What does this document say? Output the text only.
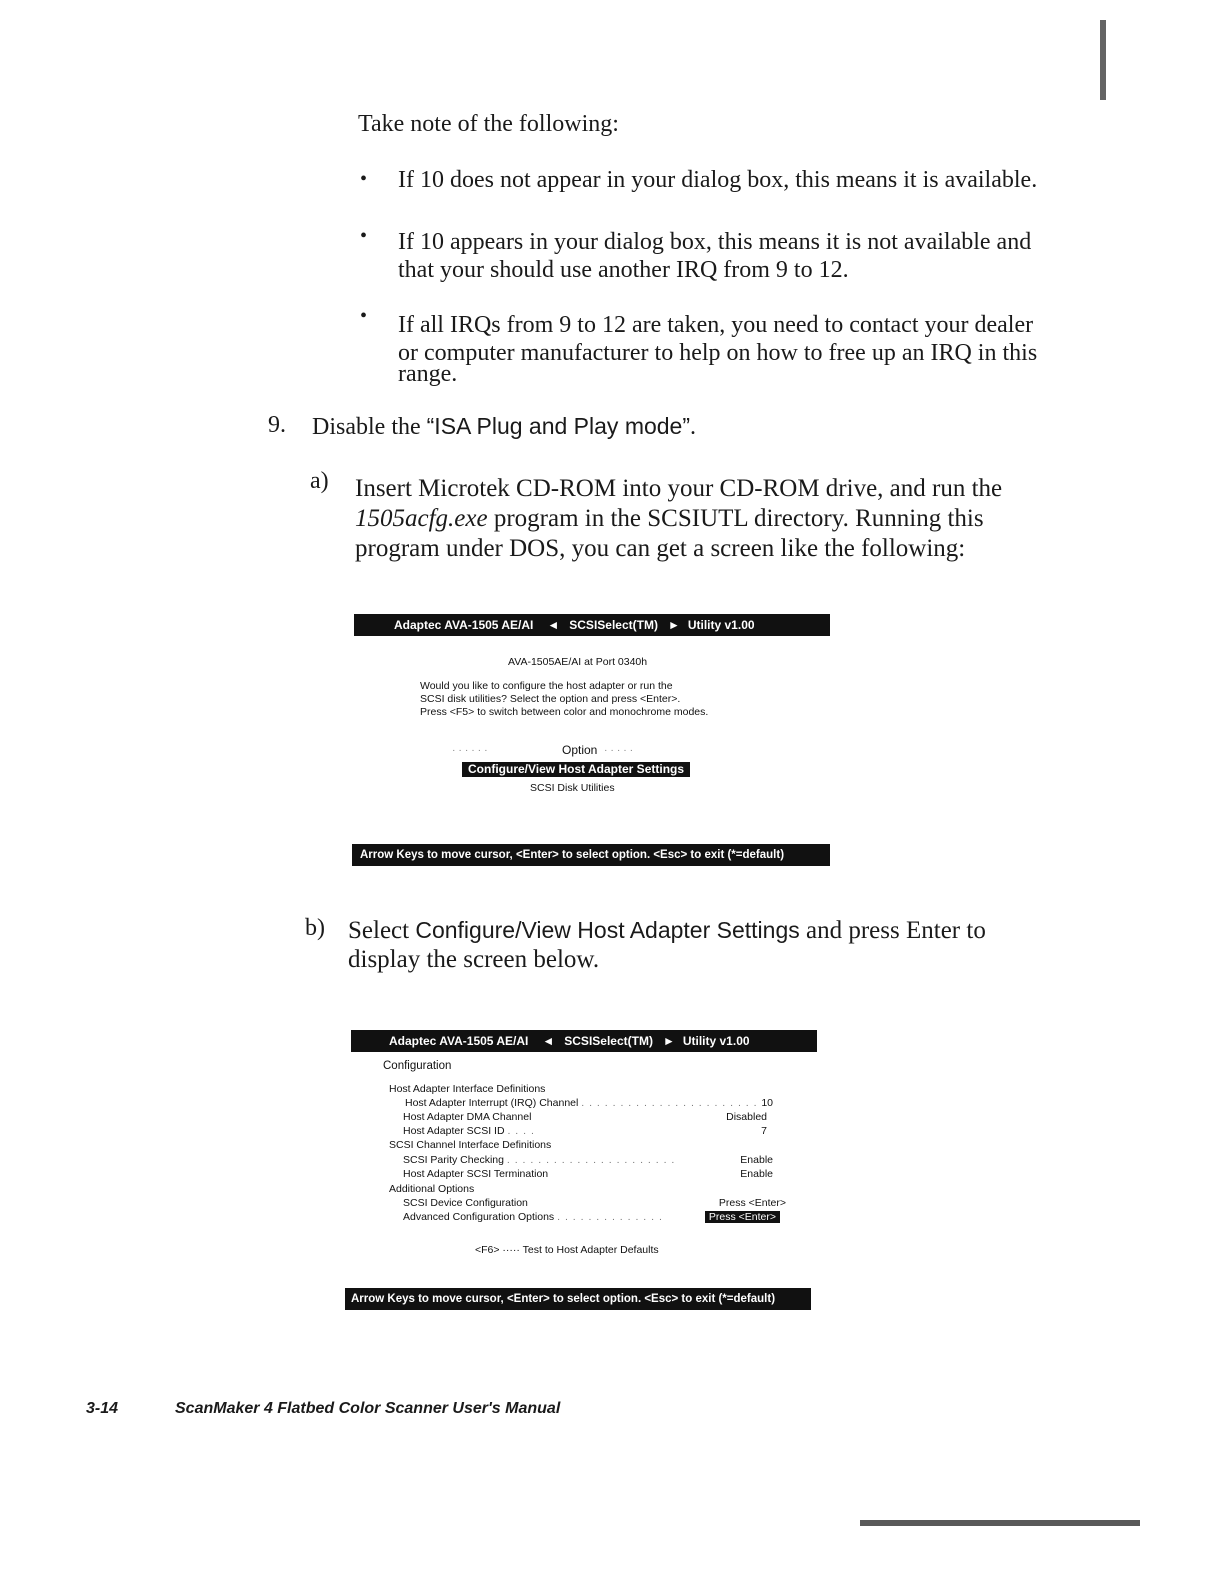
Take note of the following:
• If 10 does not appear in your dialog box, this means it is available.
• If 10 appears in your dialog box, this means it is not available and
that your should use another IRQ from 9 to 12.
• If all IRQs from 9 to 12 are taken, you need to contact your dealer
or computer manufacturer to help on how to free up an IRQ in this
range.
9. Disable the “ISA Plug and Play mode”.
a) Insert Microtek CD-ROM into your CD-ROM drive, and run the
1505acfg.exe program in the SCSIUTL directory. Running this
program under DOS, you can get a screen like the following:
Adaptec AVA-1505 AE/AI ◄ SCSISelect(TM) ► Utility v1.00
AVA-1505AE/AI at Port 0340h
Would you like to configure the host adapter or run the
SCSI disk utilities? Select the option and press <Enter>.
Press <F5> to switch between color and monochrome modes.
· · · · · ·	Option · · · · ·
Configure/View Host Adapter Settings
SCSI Disk Utilities
Arrow Keys to move cursor, <Enter> to select option. <Esc> to exit (*=default)
b) Select Configure/View Host Adapter Settings and press Enter to
display the screen below.
Adaptec AVA-1505 AE/AI ◄ SCSISelect(TM) ► Utility v1.00
Configuration
Host Adapter Interface Definitions
Host Adapter Interrupt (IRQ) Channel . . . . . . . . . . . . . . . . . . . . . . . 10
Host Adapter DMA Channel	Disabled
Host Adapter SCSI ID . . . .	7
SCSI Channel Interface Definitions
SCSI Parity Checking . . . . . . . . . . . . . . . . . . . . . .	Enable
Host Adapter SCSI Termination	Enable
Additional Options
SCSI Device Configuration	Press <Enter>
Advanced Configuration Options . . . . . . . . . . . . . .	Press <Enter>
<F6> ····· Test to Host Adapter Defaults
Arrow Keys to move cursor, <Enter> to select option. <Esc> to exit (*=default)
3-14	ScanMaker 4 Flatbed Color Scanner User's Manual
